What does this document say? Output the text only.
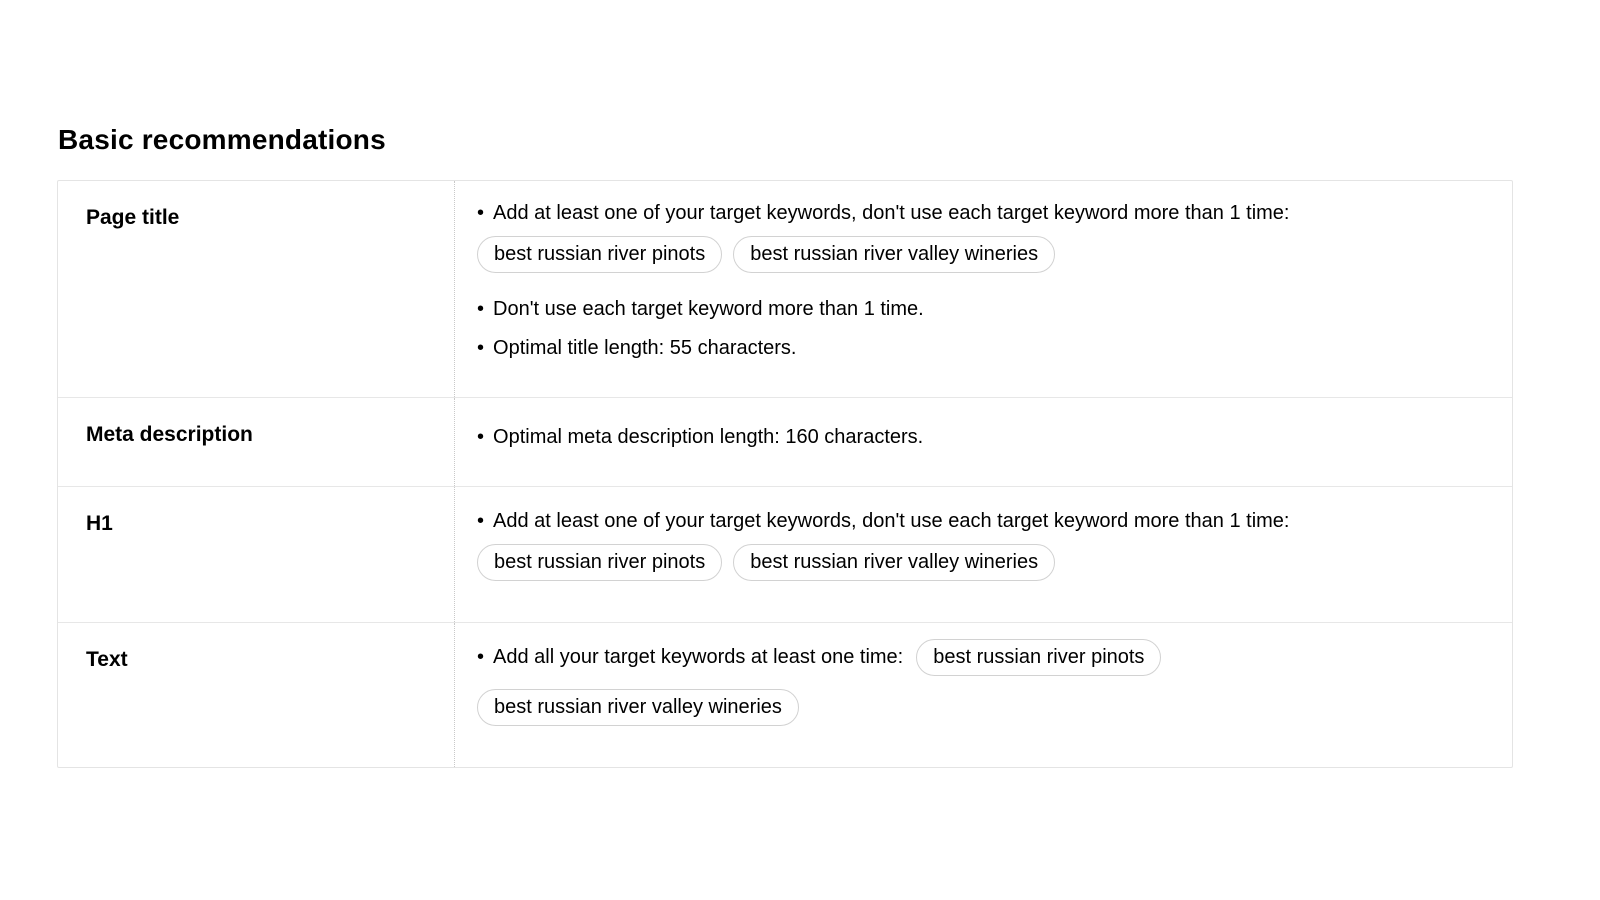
Basic recommendations
Page title	• Add at least one of your target keywords, don't use each target keyword more than 1 time:
best russian river pinots	best russian river valley wineries
• Don't use each target keyword more than 1 time.
• Optimal title length: 55 characters.
Meta description	• Optimal meta description length: 160 characters.
H1	• Add at least one of your target keywords, don't use each target keyword more than 1 time:
best russian river pinots	best russian river valley wineries
Text	• Add all your target keywords at least one time:	best russian river pinots
best russian river valley wineries
